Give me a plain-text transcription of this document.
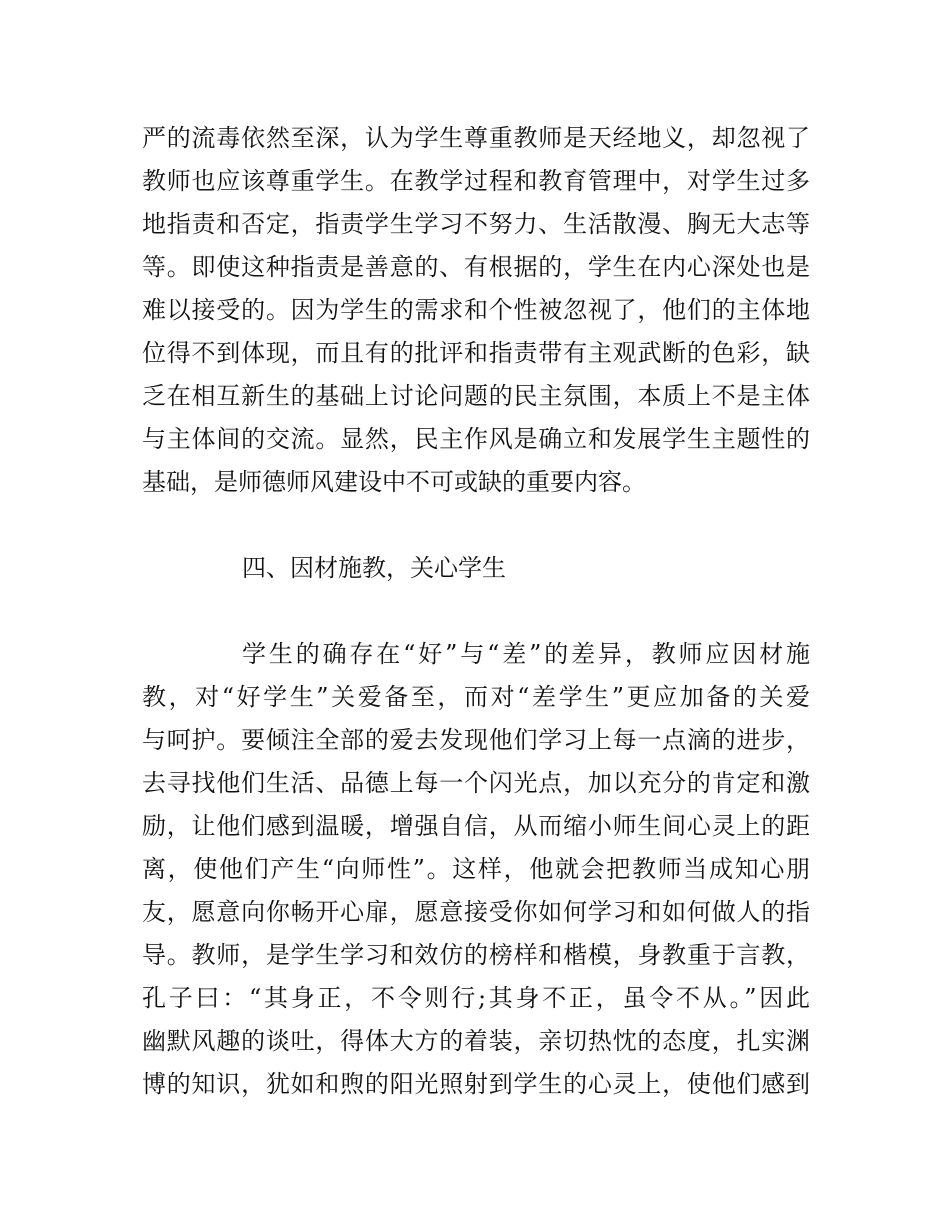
严的流毒依然至深，认为学生尊重教师是天经地义，却忽视了
教师也应该尊重学生。在教学过程和教育管理中，对学生过多
地指责和否定，指责学生学习不努力、生活散漫、胸无大志等
等。即使这种指责是善意的、有根据的，学生在内心深处也是
难以接受的。因为学生的需求和个性被忽视了，他们的主体地
位得不到体现，而且有的批评和指责带有主观武断的色彩，缺
乏在相互新生的基础上讨论问题的民主氛围，本质上不是主体
与主体间的交流。显然，民主作风是确立和发展学生主题性的
基础，是师德师风建设中不可或缺的重要内容。
四、因材施教，关心学生
学生的确存在“好”与“差”的差异，教师应因材施
教，对“好学生”关爱备至，而对“差学生”更应加备的关爱
与呵护。要倾注全部的爱去发现他们学习上每一点滴的进步，
去寻找他们生活、品德上每一个闪光点，加以充分的肯定和激
励，让他们感到温暖，增强自信，从而缩小师生间心灵上的距
离，使他们产生“向师性”。这样，他就会把教师当成知心朋
友，愿意向你畅开心扉，愿意接受你如何学习和如何做人的指
导。教师，是学生学习和效仿的榜样和楷模，身教重于言教，
孔子曰：“其身正，不令则行;其身不正，虽令不从。”因此
幽默风趣的谈吐，得体大方的着装，亲切热忱的态度，扎实渊
博的知识，犹如和煦的阳光照射到学生的心灵上，使他们感到
